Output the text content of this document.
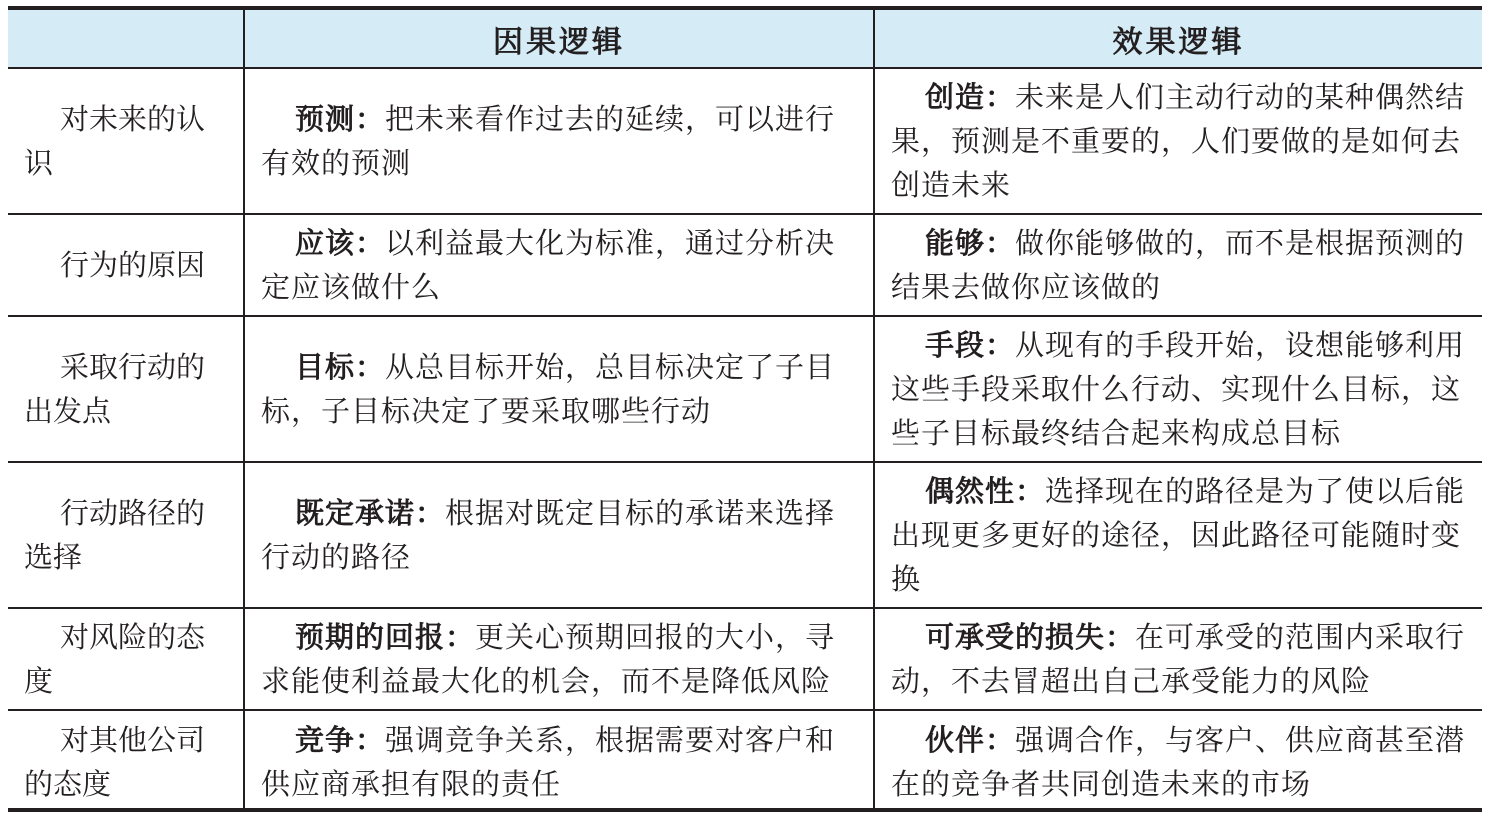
	因果逻辑	效果逻辑
对未来的认识	预测：把未来看作过去的延续，可以进行有效的预测	创造：未来是人们主动行动的某种偶然结果，预测是不重要的，人们要做的是如何去创造未来
行为的原因	应该：以利益最大化为标准，通过分析决定应该做什么	能够：做你能够做的，而不是根据预测的结果去做你应该做的
采取行动的出发点	目标：从总目标开始，总目标决定了子目标，子目标决定了要采取哪些行动	手段：从现有的手段开始，设想能够利用这些手段采取什么行动、实现什么目标，这些子目标最终结合起来构成总目标
行动路径的选择	既定承诺：根据对既定目标的承诺来选择行动的路径	偶然性：选择现在的路径是为了使以后能出现更多更好的途径，因此路径可能随时变换
对风险的态度	预期的回报：更关心预期回报的大小，寻求能使利益最大化的机会，而不是降低风险	可承受的损失：在可承受的范围内采取行动，不去冒超出自己承受能力的风险
对其他公司的态度	竞争：强调竞争关系，根据需要对客户和供应商承担有限的责任	伙伴：强调合作，与客户、供应商甚至潜在的竞争者共同创造未来的市场
